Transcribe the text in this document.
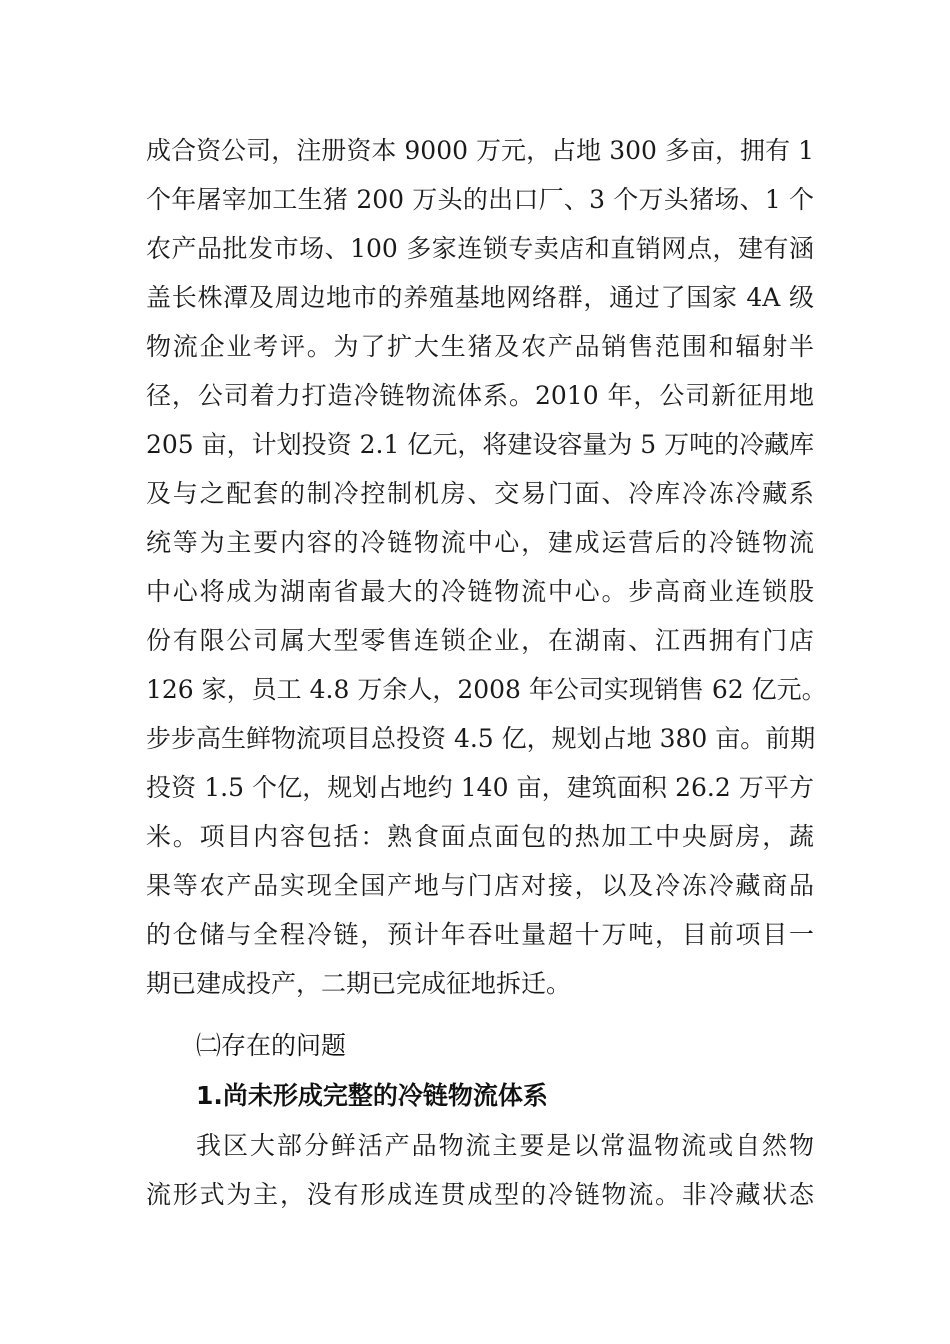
成合资公司，注册资本 9000 万元，占地 300 多亩，拥有 1
个年屠宰加工生猪 200 万头的出口厂、3 个万头猪场、1 个
农产品批发市场、100 多家连锁专卖店和直销网点，建有涵
盖长株潭及周边地市的养殖基地网络群，通过了国家 4A 级
物流企业考评。为了扩大生猪及农产品销售范围和辐射半
径，公司着力打造冷链物流体系。2010 年，公司新征用地
205 亩，计划投资 2.1 亿元，将建设容量为 5 万吨的冷藏库
及与之配套的制冷控制机房、交易门面、冷库冷冻冷藏系
统等为主要内容的冷链物流中心，建成运营后的冷链物流
中心将成为湖南省最大的冷链物流中心。步高商业连锁股
份有限公司属大型零售连锁企业，在湖南、江西拥有门店
126 家，员工 4.8 万余人，2008 年公司实现销售 62 亿元。
步步高生鲜物流项目总投资 4.5 亿，规划占地 380 亩。前期
投资 1.5 个亿，规划占地约 140 亩，建筑面积 26.2 万平方
米。项目内容包括：熟食面点面包的热加工中央厨房，蔬
果等农产品实现全国产地与门店对接，以及冷冻冷藏商品
的仓储与全程冷链，预计年吞吐量超十万吨，目前项目一
期已建成投产，二期已完成征地拆迁。
㈡存在的问题
1.尚未形成完整的冷链物流体系
我区大部分鲜活产品物流主要是以常温物流或自然物
流形式为主，没有形成连贯成型的冷链物流。非冷藏状态
